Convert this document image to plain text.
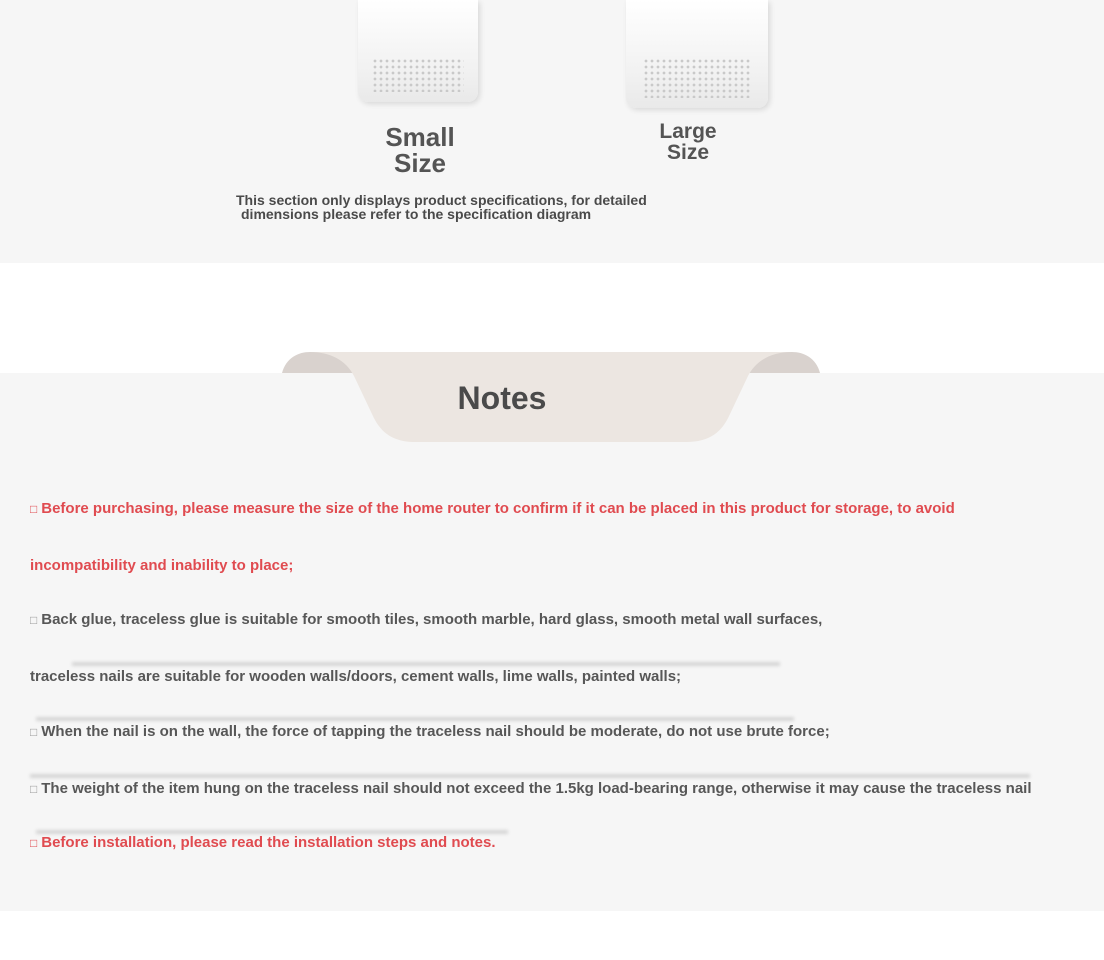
Small
Size
Large
Size
This section only displays product specifications, for detailed
dimensions please refer to the specification diagram
Notes
□ Before purchasing, please measure the size of the home router to confirm if it can be placed in this product for storage, to avoid
incompatibility and inability to place;
□ Back glue, traceless glue is suitable for smooth tiles, smooth marble, hard glass, smooth metal wall surfaces,
traceless nails are suitable for wooden walls/doors, cement walls, lime walls, painted walls;
□ When the nail is on the wall, the force of tapping the traceless nail should be moderate, do not use brute force;
□ The weight of the item hung on the traceless nail should not exceed the 1.5kg load-bearing range, otherwise it may cause the traceless nail
□ Before installation, please read the installation steps and notes.
